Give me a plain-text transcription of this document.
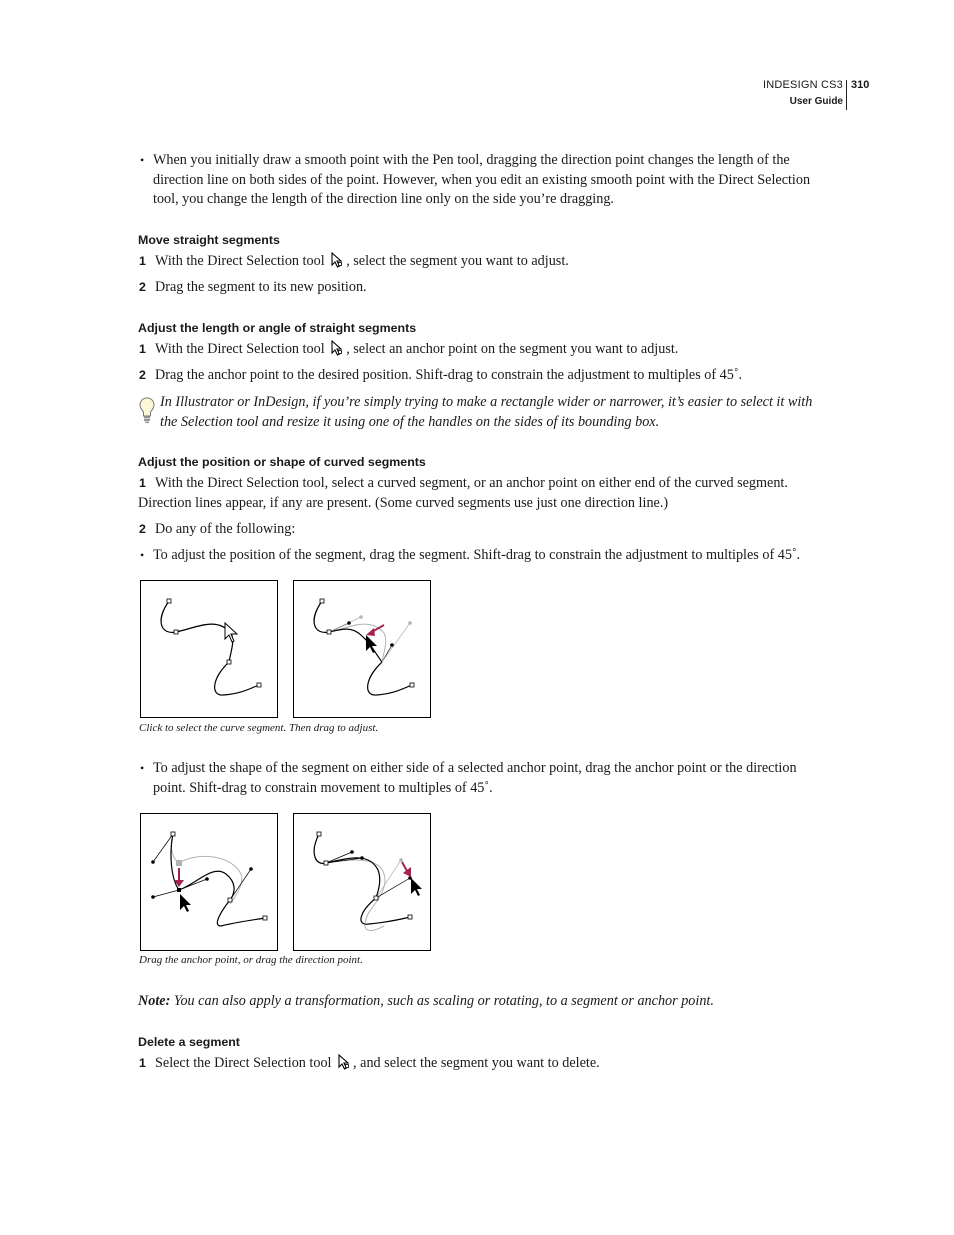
INDESIGN CS3
User Guide
310
• When you initially draw a smooth point with the Pen tool, dragging the direction point changes the length of the direction line on both sides of the point. However, when you edit an existing smooth point with the Direct Selection tool, you change the length of the direction line only on the side you’re dragging.
Move straight segments
1 With the Direct Selection tool , select the segment you want to adjust.
2 Drag the segment to its new position.
Adjust the length or angle of straight segments
1 With the Direct Selection tool , select an anchor point on the segment you want to adjust.
2 Drag the anchor point to the desired position. Shift-drag to constrain the adjustment to multiples of 45˚.
In Illustrator or InDesign, if you’re simply trying to make a rectangle wider or narrower, it’s easier to select it with the Selection tool and resize it using one of the handles on the sides of its bounding box.
Adjust the position or shape of curved segments
1 With the Direct Selection tool, select a curved segment, or an anchor point on either end of the curved segment. Direction lines appear, if any are present. (Some curved segments use just one direction line.)
2 Do any of the following:
• To adjust the position of the segment, drag the segment. Shift-drag to constrain the adjustment to multiples of 45˚.
Click to select the curve segment. Then drag to adjust.
• To adjust the shape of the segment on either side of a selected anchor point, drag the anchor point or the direction point. Shift-drag to constrain movement to multiples of 45˚.
Drag the anchor point, or drag the direction point.
Note: You can also apply a transformation, such as scaling or rotating, to a segment or anchor point.
Delete a segment
1 Select the Direct Selection tool , and select the segment you want to delete.
